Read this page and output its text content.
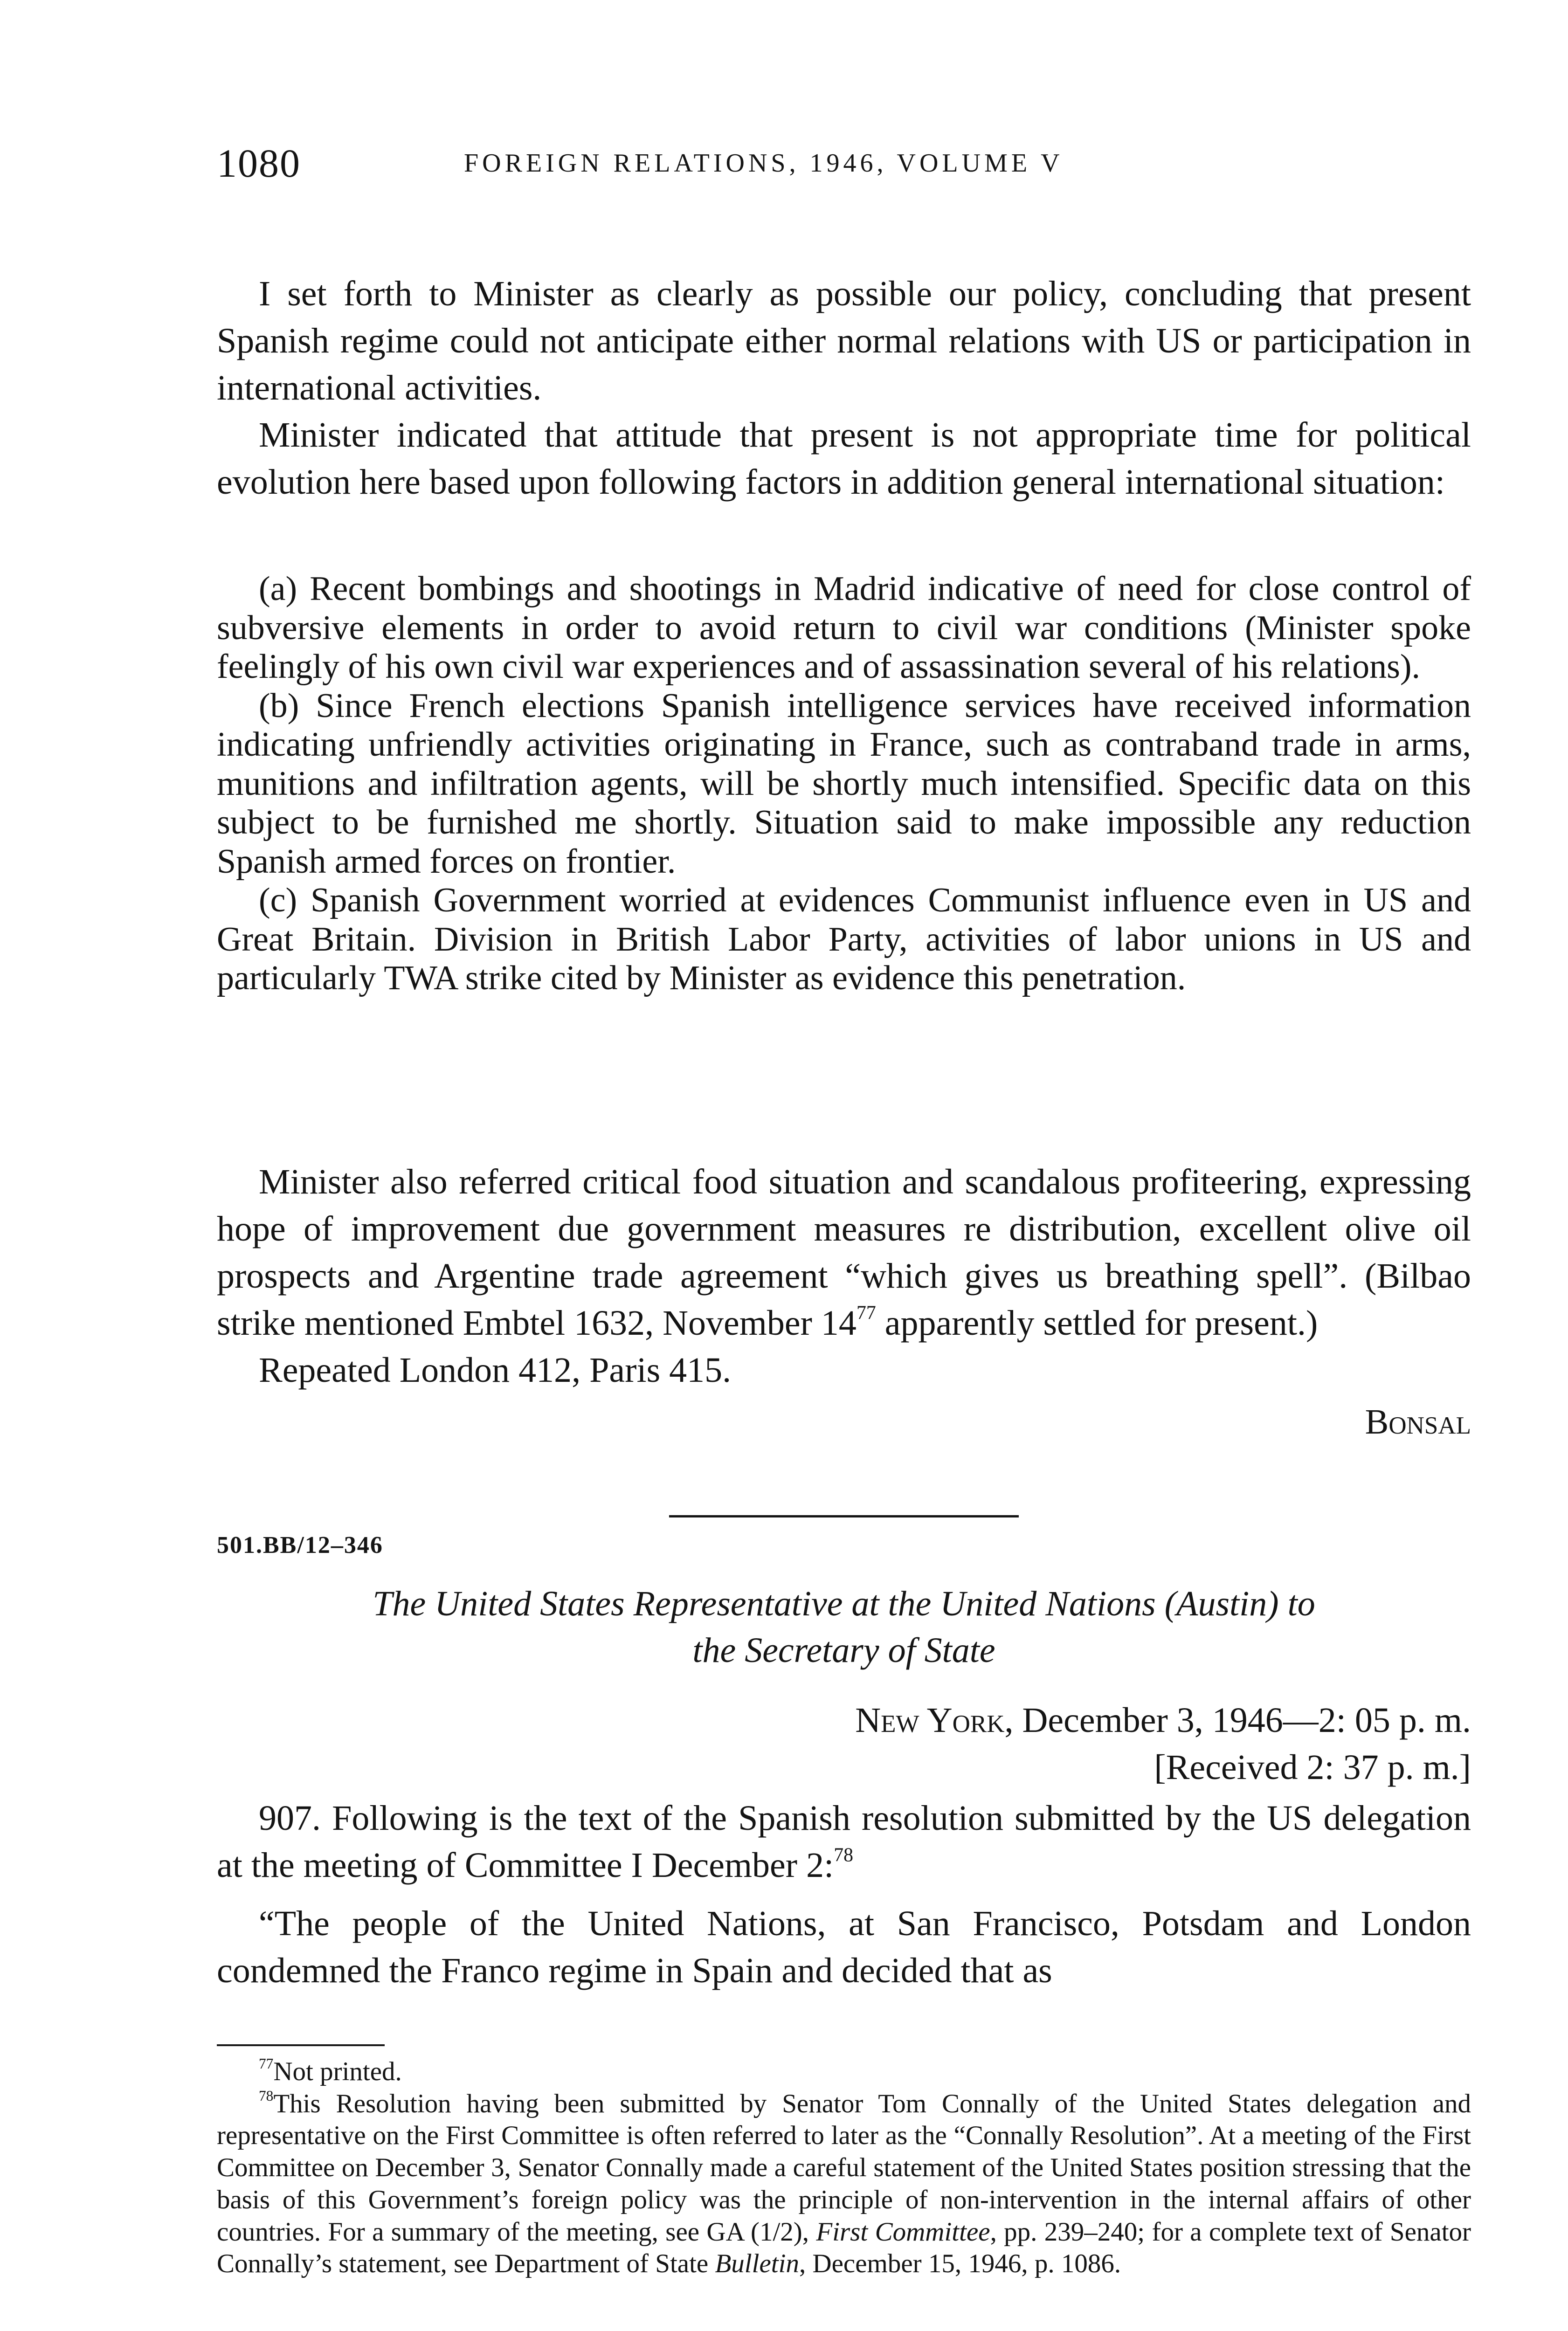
1080	FOREIGN RELATIONS, 1946, VOLUME V

I set forth to Minister as clearly as possible our policy, concluding that present Spanish regime could not anticipate either normal relations with US or participation in international activities.

Minister indicated that attitude that present is not appropriate time for political evolution here based upon following factors in addition general international situation:

(a) Recent bombings and shootings in Madrid indicative of need for close control of subversive elements in order to avoid return to civil war conditions (Minister spoke feelingly of his own civil war experiences and of assassination several of his relations).

(b) Since French elections Spanish intelligence services have received information indicating unfriendly activities originating in France, such as contraband trade in arms, munitions and infiltration agents, will be shortly much intensified. Specific data on this subject to be furnished me shortly. Situation said to make impossible any reduction Spanish armed forces on frontier.

(c) Spanish Government worried at evidences Communist influence even in US and Great Britain. Division in British Labor Party, activities of labor unions in US and particularly TWA strike cited by Minister as evidence this penetration.

Minister also referred critical food situation and scandalous profiteering, expressing hope of improvement due government measures re distribution, excellent olive oil prospects and Argentine trade agreement “which gives us breathing spell”. (Bilbao strike mentioned Embtel 1632, November $14^{77}$ apparently settled for present.)

Repeated London 412, Paris 415.

Bonsal

501.BB/12–346

The United States Representative at the United Nations (Austin) to

the Secretary of State

New York, December 3, 1946—2: 05 p. m.

[Received 2: 37 p. m.]

907. Following is the text of the Spanish resolution submitted by the US delegation at the meeting of Committee I December 2:$^{78}$

“The people of the United Nations, at San Francisco, Potsdam and London condemned the Franco regime in Spain and decided that as

$^{77}$Not printed.

$^{78}$This Resolution having been submitted by Senator Tom Connally of the United States delegation and representative on the First Committee is often referred to later as the “Connally Resolution”. At a meeting of the First Committee on December 3, Senator Connally made a careful statement of the United States position stressing that the basis of this Government’s foreign policy was the principle of non-intervention in the internal affairs of other countries. For a summary of the meeting, see GA (1/2), First Committee, pp. 239–240; for a complete text of Senator Connally’s statement, see Department of State Bulletin, December 15, 1946, p. 1086.
